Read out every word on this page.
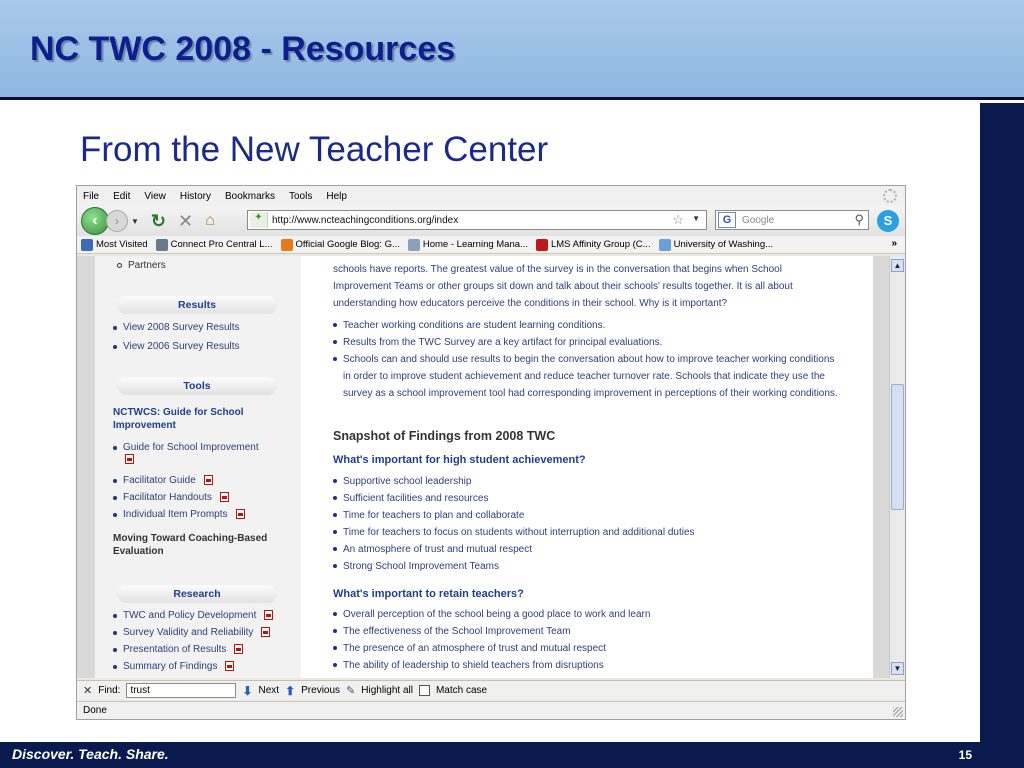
NC TWC 2008 - Resources
From the New Teacher Center
File Edit View History Bookmarks Tools Help
‹	›	▼ ↻ ✕ ⌂	✦ http://www.ncteachingconditions.org/index	☆ ▼	G	Google	⚲	S
Most Visited Connect Pro Central L... Official Google Blog: G... Home - Learning Mana... LMS Affinity Group (C... University of Washing...	»
Partners
Results
View 2008 Survey Results
View 2006 Survey Results
Tools
NCTWCS: Guide for School Improvement
Guide for School Improvement

Facilitator Guide
Facilitator Handouts
Individual Item Prompts
Moving Toward Coaching-Based Evaluation
Research
TWC and Policy Development
Survey Validity and Reliability
Presentation of Results
Summary of Findings
schools have reports. The greatest value of the survey is in the conversation that begins when School Improvement Teams or other groups sit down and talk about their schools' results together. It is all about understanding how educators perceive the conditions in their school. Why is it important?
Teacher working conditions are student learning conditions.
Results from the TWC Survey are a key artifact for principal evaluations.
Schools can and should use results to begin the conversation about how to improve teacher working conditions in order to improve student achievement and reduce teacher turnover rate. Schools that indicate they use the survey as a school improvement tool had corresponding improvement in perceptions of their working conditions.
Snapshot of Findings from 2008 TWC
What's important for high student achievement?
Supportive school leadership
Sufficient facilities and resources
Time for teachers to plan and collaborate
Time for teachers to focus on students without interruption and additional duties
An atmosphere of trust and mutual respect
Strong School Improvement Teams
What's important to retain teachers?
Overall perception of the school being a good place to work and learn
The effectiveness of the School Improvement Team
The presence of an atmosphere of trust and mutual respect
The ability of leadership to shield teachers from disruptions
▲
▼
✕ Find:	trust	⬇ Next ⬆ Previous ✎ Highlight all Match case
Done
Discover. Teach. Share.	15
